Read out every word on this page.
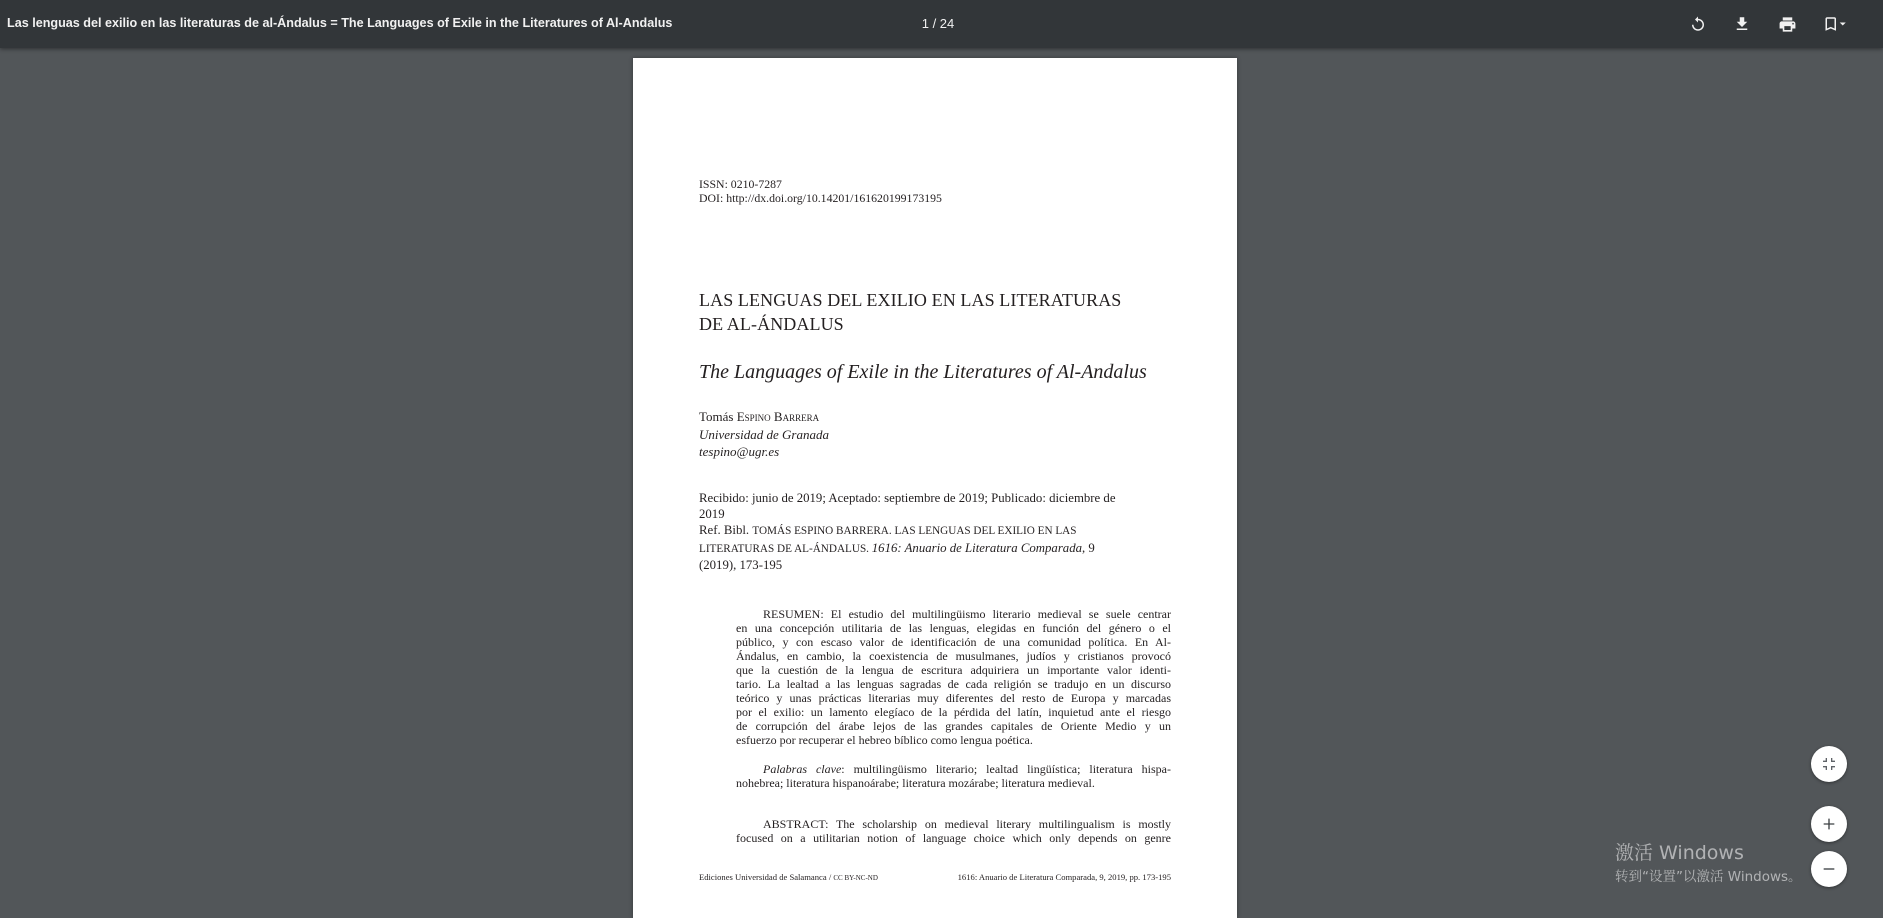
Las lenguas del exilio en las literaturas de al-Ándalus = The Languages of Exile in the Literatures of Al-Andalus	1 / 24
ISSN: 0210-7287
DOI: http://dx.doi.org/10.14201/161620199173195
LAS LENGUAS DEL EXILIO EN LAS LITERATURAS
DE AL-ÁNDALUS
The Languages of Exile in the Literatures of Al-Andalus
Tomás Espino Barrera
Universidad de Granada
tespino@ugr.es
Recibido: junio de 2019; Aceptado: septiembre de 2019; Publicado: diciembre de
2019
Ref. Bibl. TOMÁS ESPINO BARRERA. LAS LENGUAS DEL EXILIO EN LAS
LITERATURAS DE AL-ÁNDALUS. 1616: Anuario de Literatura Comparada, 9
(2019), 173-195
RESUMEN: El estudio del multilingüismo literario medieval se suele centrar
en una concepción utilitaria de las lenguas, elegidas en función del género o el
público, y con escaso valor de identificación de una comunidad política. En Al-
Ándalus, en cambio, la coexistencia de musulmanes, judíos y cristianos provocó
que la cuestión de la lengua de escritura adquiriera un importante valor identi-
tario. La lealtad a las lenguas sagradas de cada religión se tradujo en un discurso
teórico y unas prácticas literarias muy diferentes del resto de Europa y marcadas
por el exilio: un lamento elegíaco de la pérdida del latín, inquietud ante el riesgo
de corrupción del árabe lejos de las grandes capitales de Oriente Medio y un
esfuerzo por recuperar el hebreo bíblico como lengua poética.
Palabras clave: multilingüismo literario; lealtad lingüística; literatura hispa-
nohebrea; literatura hispanoárabe; literatura mozárabe; literatura medieval.
ABSTRACT: The scholarship on medieval literary multilingualism is mostly
focused on a utilitarian notion of language choice which only depends on genre
Ediciones Universidad de Salamanca / CC BY-NC-ND	1616: Anuario de Literatura Comparada, 9, 2019, pp. 173-195
激活 Windows
转到“设置”以激活 Windows。
